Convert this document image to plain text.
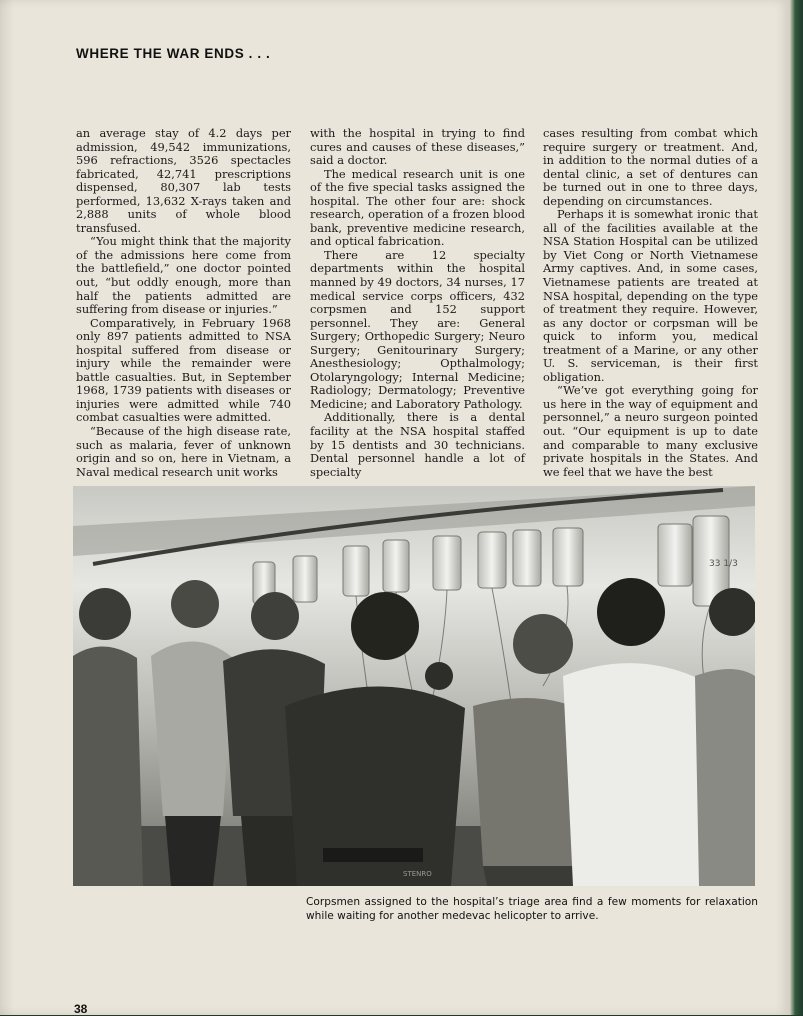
WHERE THE WAR ENDS . . .

an average stay of 4.2 days per admission, 49,542 immunizations, 596 refractions, 3526 spectacles fabricated, 42,741 prescriptions dispensed, 80,307 lab tests performed, 13,632 X-rays taken and 2,888 units of whole blood transfused.

“You might think that the majority of the admissions here come from the battlefield,” one doctor pointed out, “but oddly enough, more than half the patients admitted are suffering from disease or injuries.”

Comparatively, in February 1968 only 897 patients admitted to NSA hospital suffered from disease or injury while the remainder were battle casualties. But, in September 1968, 1739 patients with diseases or injuries were admitted while 740 combat casualties were admitted.

“Because of the high disease rate, such as malaria, fever of unknown origin and so on, here in Vietnam, a Naval medical research unit works

with the hospital in trying to find cures and causes of these diseases,” said a doctor.

The medical research unit is one of the five special tasks assigned the hospital. The other four are: shock research, operation of a frozen blood bank, preventive medicine research, and optical fabrication.

There are 12 specialty departments within the hospital manned by 49 doctors, 34 nurses, 17 medical service corps officers, 432 corpsmen and 152 support personnel. They are: General Surgery; Orthopedic Surgery; Neuro Surgery; Genitourinary Surgery; Anesthesiology; Opthalmology; Otolaryngology; Internal Medicine; Radiology; Dermatology; Preventive Medicine; and Laboratory Pathology.

Additionally, there is a dental facility at the NSA hospital staffed by 15 dentists and 30 technicians. Dental personnel handle a lot of specialty

cases resulting from combat which require surgery or treatment. And, in addition to the normal duties of a dental clinic, a set of dentures can be turned out in one to three days, depending on circumstances.

Perhaps it is somewhat ironic that all of the facilities available at the NSA Station Hospital can be utilized by Viet Cong or North Vietnamese Army captives. And, in some cases, Vietnamese patients are treated at NSA hospital, depending on the type of treatment they require. However, as any doctor or corpsman will be quick to inform you, medical treatment of a Marine, or any other U. S. serviceman, is their first obligation.

“We’ve got everything going for us here in the way of equipment and personnel,” a neuro surgeon pointed out. “Our equipment is up to date and comparable to many exclusive private hospitals in the States. And we feel that we have the best

33 1/3
STENRO
Corpsmen assigned to the hospital’s triage area find a few moments for relaxation while waiting for another medevac helicopter to arrive.
38
